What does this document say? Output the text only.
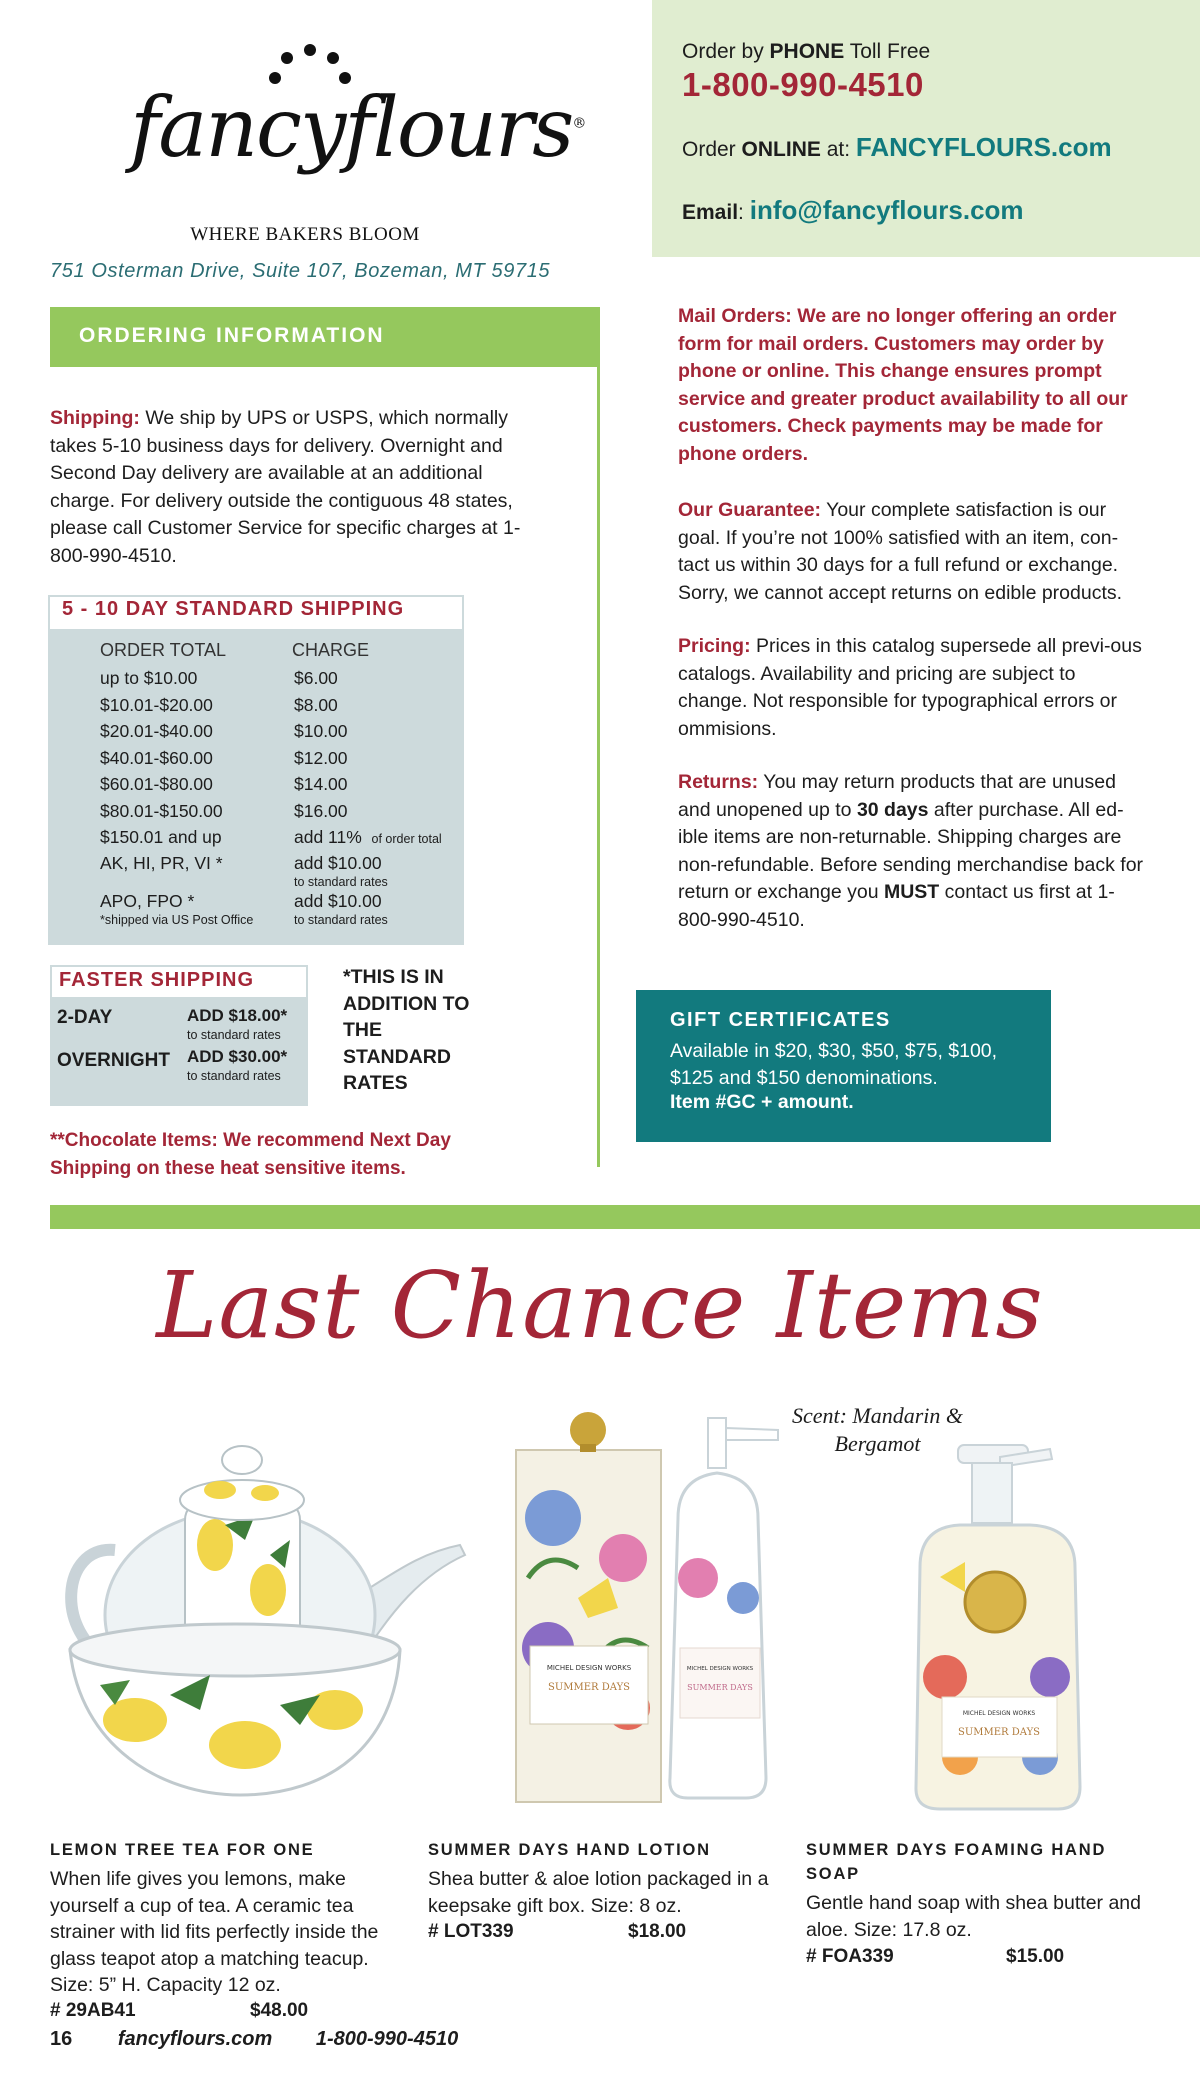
fancyflours®
WHERE BAKERS BLOOM
751 Osterman Drive, Suite 107, Bozeman, MT 59715
Order by PHONE Toll Free
1-800-990-4510
Order ONLINE at: FANCYFLOURS.com
Email: info@fancyflours.com
ORDERING INFORMATION
Shipping: We ship by UPS or USPS, which normally takes 5-10 business days for delivery. Overnight and Second Day delivery are available at an additional charge. For delivery outside the contiguous 48 states, please call Customer Service for specific charges at 1-800-990-4510.
5 - 10 DAY STANDARD SHIPPING
ORDER TOTAL	CHARGE
up to $10.00	$6.00
$10.01-$20.00	$8.00
$20.01-$40.00	$10.00
$40.01-$60.00	$12.00
$60.01-$80.00	$14.00
$80.01-$150.00	$16.00
$150.01 and up	add 11% of order total
AK, HI, PR, VI *	add $10.00
to standard rates
APO, FPO *	add $10.00
*shipped via US Post Office	to standard rates
FASTER SHIPPING
2-DAY	ADD $18.00*
to standard rates
OVERNIGHT ADD $30.00*
to standard rates
*THIS IS IN ADDITION TO THE STANDARD RATES
**Chocolate Items: We recommend Next Day Shipping on these heat sensitive items.
Mail Orders: We are no longer offering an order form for mail orders. Customers may order by phone or online. This change ensures prompt service and greater product availability to all our customers. Check payments may be made for phone orders.
Our Guarantee: Your complete satisfaction is our goal. If you’re not 100% satisfied with an item, con-tact us within 30 days for a full refund or exchange. Sorry, we cannot accept returns on edible products.
Pricing: Prices in this catalog supersede all previ-ous catalogs. Availability and pricing are subject to change. Not responsible for typographical errors or ommisions.
Returns: You may return products that are unused and unopened up to 30 days after purchase. All ed-ible items are non-returnable. Shipping charges are non-refundable. Before sending merchandise back for return or exchange you MUST contact us first at 1-800-990-4510.
GIFT CERTIFICATES
Available in $20, $30, $50, $75, $100, $125 and $150 denominations.
Item #GC + amount.
Last Chance Items
Scent: Mandarin & Bergamot
MICHEL DESIGN WORKS
SUMMER DAYS
MICHEL DESIGN WORKS
SUMMER DAYS
MICHEL DESIGN WORKS
SUMMER DAYS
LEMON TREE TEA FOR ONE
When life gives you lemons, make yourself a cup of tea. A ceramic tea strainer with lid fits perfectly inside the glass teapot atop a matching teacup. Size: 5” H. Capacity 12 oz.
# 29AB41	$48.00
SUMMER DAYS HAND LOTION
Shea butter & aloe lotion packaged in a keepsake gift box. Size: 8 oz.
# LOT339	$18.00
SUMMER DAYS FOAMING HAND SOAP
Gentle hand soap with shea butter and aloe. Size: 17.8 oz.
# FOA339	$15.00
16 fancyflours.com 1-800-990-4510
